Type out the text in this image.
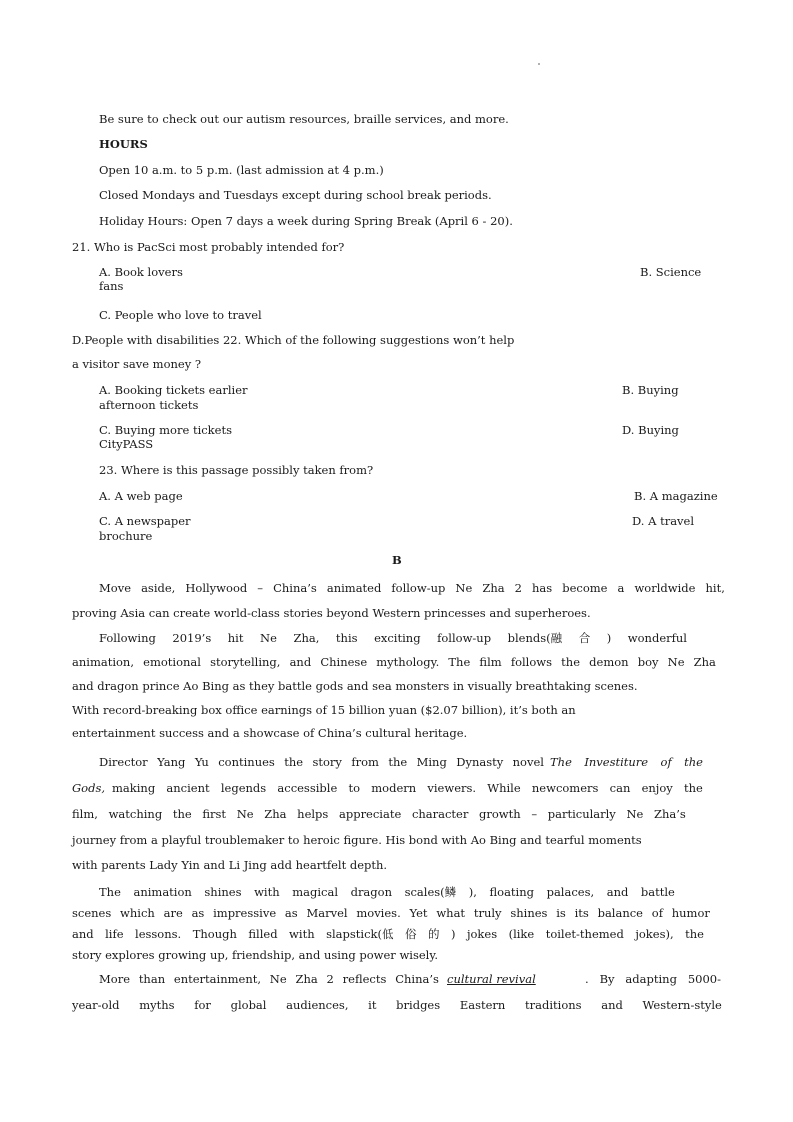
Be sure to check out our autism resources, braille services, and more.
HOURS
Open 10 a.m. to 5 p.m. (last admission at 4 p.m.)
Closed Mondays and Tuesdays except during school break periods.
Holiday Hours: Open 7 days a week during Spring Break (April 6 - 20).
21. Who is PacSci most probably intended for?
A. Book lovers	B. Science
fans
C. People who love to travel
D.People with disabilities 22. Which of the following suggestions won’t help
a visitor save money ?
A. Booking tickets earlier	B. Buying
afternoon tickets
C. Buying more tickets	D. Buying
CityPASS
23. Where is this passage possibly taken from?
A. A web page	B. A magazine
C. A newspaper	D. A travel
brochure
B
Move aside, Hollywood – China’s animated follow-up Ne Zha 2 has become a worldwide hit,
proving Asia can create world-class stories beyond Western princesses and superheroes.
Following 2019’s hit Ne Zha, this exciting follow-up blends(融 合 ) wonderful
animation, emotional storytelling, and Chinese mythology. The film follows the demon boy Ne Zha
and dragon prince Ao Bing as they battle gods and sea monsters in visually breathtaking scenes.
With record-breaking box office earnings of 15 billion yuan ($2.07 billion), it’s both an
entertainment success and a showcase of China’s cultural heritage.
Director Yang Yu continues the story from the Ming Dynasty novel The Investiture of the
Gods, making ancient legends accessible to modern viewers. While newcomers can enjoy the
film, watching the first Ne Zha helps appreciate character growth – particularly Ne Zha’s
journey from a playful troublemaker to heroic figure. His bond with Ao Bing and tearful moments
with parents Lady Yin and Li Jing add heartfelt depth.
The animation shines with magical dragon scales(鳞 ), floating palaces, and battle
scenes which are as impressive as Marvel movies. Yet what truly shines is its balance of humor
and life lessons. Though filled with slapstick(低 俗 的 ) jokes (like toilet-themed jokes), the
story explores growing up, friendship, and using power wisely.
More than entertainment, Ne Zha 2 reflects China’s cultural revival	. By adapting 5000-
year-old myths for global audiences, it bridges Eastern traditions and Western-style
